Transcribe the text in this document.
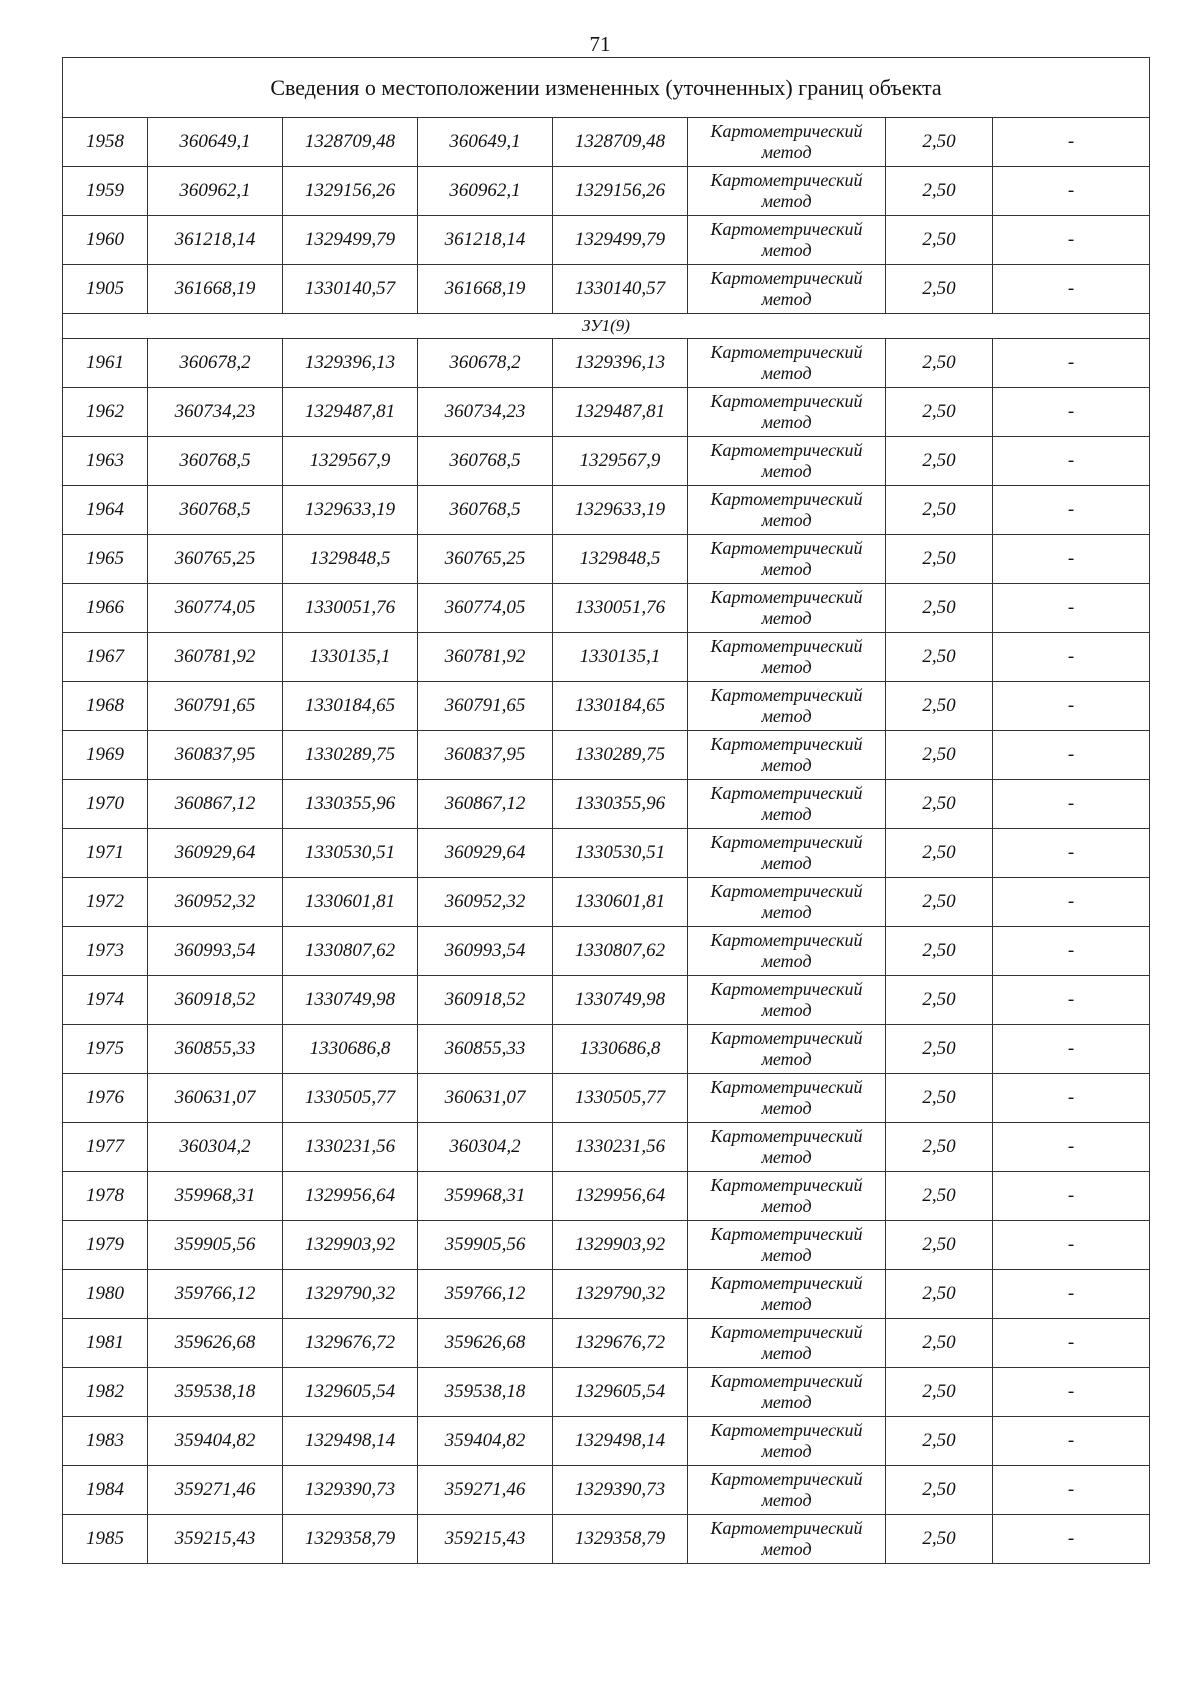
71
Сведения о местоположении измененных (уточненных) границ объекта							
1958	360649,1	1328709,48	360649,1	1328709,48	Картометрический
метод	2,50	-
1959	360962,1	1329156,26	360962,1	1329156,26	Картометрический
метод	2,50	-
1960	361218,14	1329499,79	361218,14	1329499,79	Картометрический
метод	2,50	-
1905	361668,19	1330140,57	361668,19	1330140,57	Картометрический
метод	2,50	-
ЗУ1(9)							
1961	360678,2	1329396,13	360678,2	1329396,13	Картометрический
метод	2,50	-
1962	360734,23	1329487,81	360734,23	1329487,81	Картометрический
метод	2,50	-
1963	360768,5	1329567,9	360768,5	1329567,9	Картометрический
метод	2,50	-
1964	360768,5	1329633,19	360768,5	1329633,19	Картометрический
метод	2,50	-
1965	360765,25	1329848,5	360765,25	1329848,5	Картометрический
метод	2,50	-
1966	360774,05	1330051,76	360774,05	1330051,76	Картометрический
метод	2,50	-
1967	360781,92	1330135,1	360781,92	1330135,1	Картометрический
метод	2,50	-
1968	360791,65	1330184,65	360791,65	1330184,65	Картометрический
метод	2,50	-
1969	360837,95	1330289,75	360837,95	1330289,75	Картометрический
метод	2,50	-
1970	360867,12	1330355,96	360867,12	1330355,96	Картометрический
метод	2,50	-
1971	360929,64	1330530,51	360929,64	1330530,51	Картометрический
метод	2,50	-
1972	360952,32	1330601,81	360952,32	1330601,81	Картометрический
метод	2,50	-
1973	360993,54	1330807,62	360993,54	1330807,62	Картометрический
метод	2,50	-
1974	360918,52	1330749,98	360918,52	1330749,98	Картометрический
метод	2,50	-
1975	360855,33	1330686,8	360855,33	1330686,8	Картометрический
метод	2,50	-
1976	360631,07	1330505,77	360631,07	1330505,77	Картометрический
метод	2,50	-
1977	360304,2	1330231,56	360304,2	1330231,56	Картометрический
метод	2,50	-
1978	359968,31	1329956,64	359968,31	1329956,64	Картометрический
метод	2,50	-
1979	359905,56	1329903,92	359905,56	1329903,92	Картометрический
метод	2,50	-
1980	359766,12	1329790,32	359766,12	1329790,32	Картометрический
метод	2,50	-
1981	359626,68	1329676,72	359626,68	1329676,72	Картометрический
метод	2,50	-
1982	359538,18	1329605,54	359538,18	1329605,54	Картометрический
метод	2,50	-
1983	359404,82	1329498,14	359404,82	1329498,14	Картометрический
метод	2,50	-
1984	359271,46	1329390,73	359271,46	1329390,73	Картометрический
метод	2,50	-
1985	359215,43	1329358,79	359215,43	1329358,79	Картометрический
метод	2,50	-
